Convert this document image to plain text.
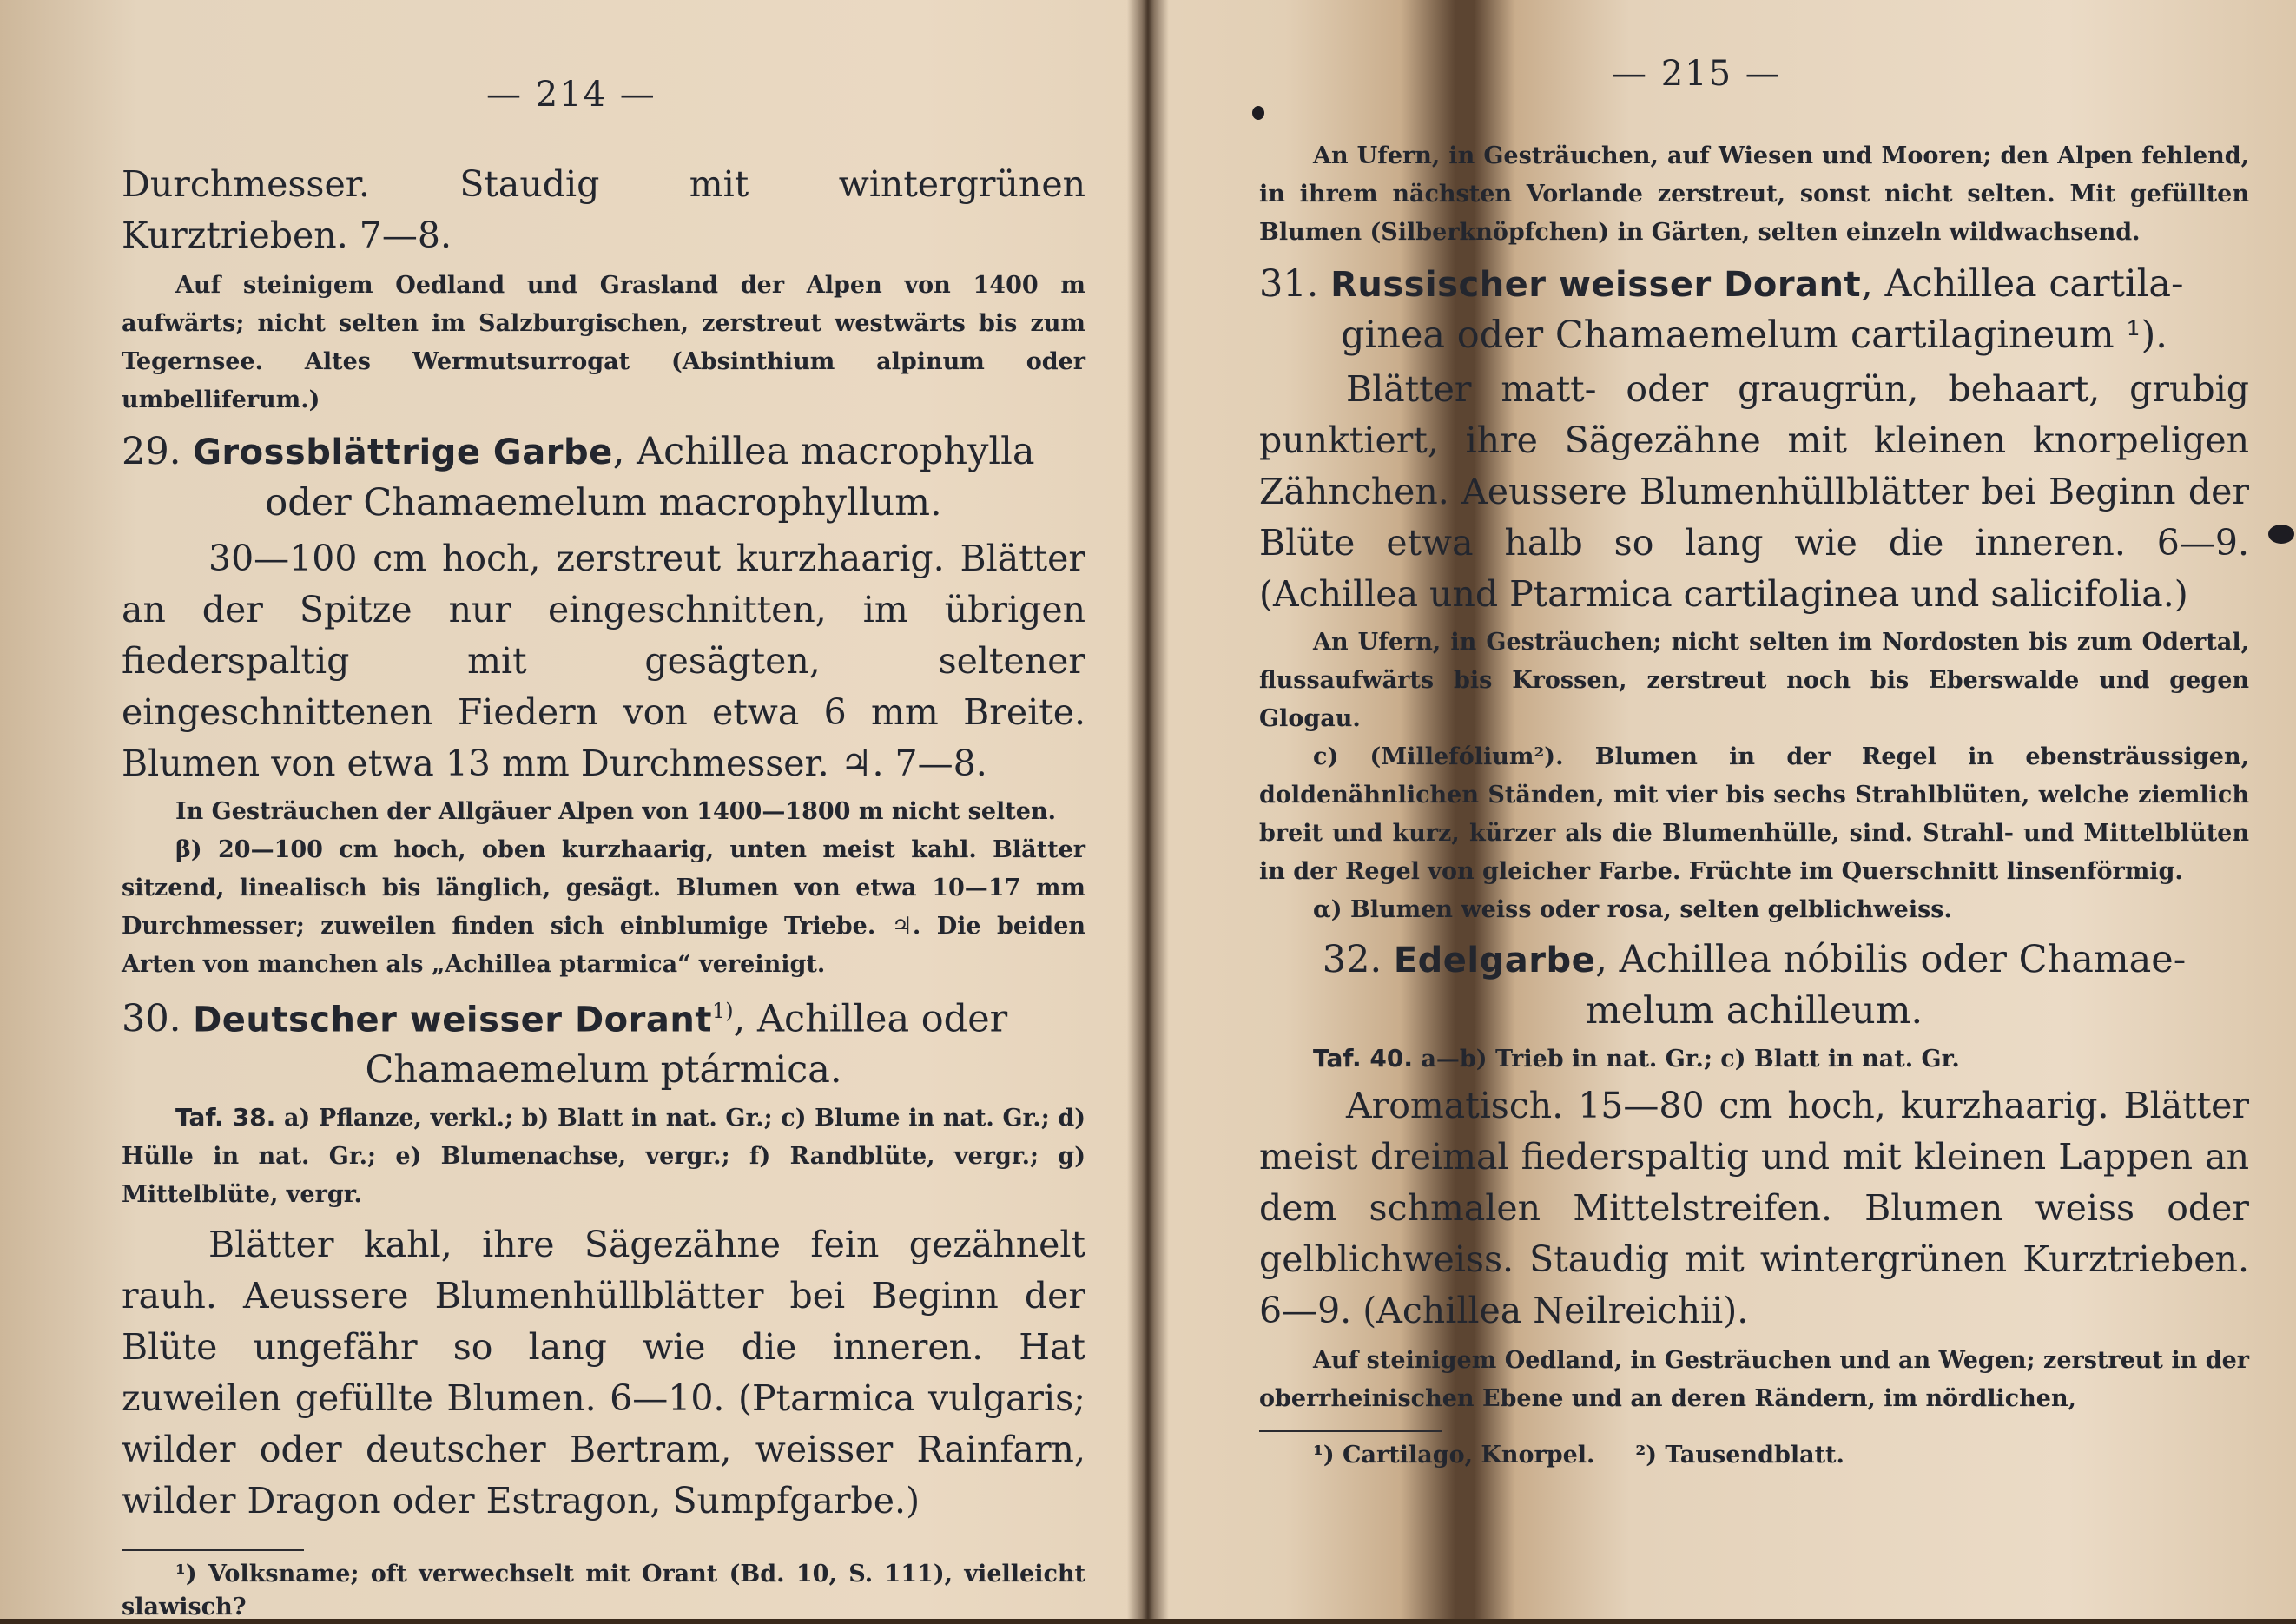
— 214 —

Durchmesser. Staudig mit wintergrünen Kurztrieben. 7—8.

Auf steinigem Oedland und Grasland der Alpen von 1400 m aufwärts; nicht selten im Salzburgischen, zerstreut westwärts bis zum Tegernsee. Altes Wermutsurrogat (Absinthium alpinum oder umbelliferum.)

29. Grossblättrige Garbe, Achillea macrophylla
oder Chamaemelum macrophyllum.

30—100 cm hoch, zerstreut kurzhaarig. Blätter an der Spitze nur eingeschnitten, im übrigen fiederspaltig mit gesägten, seltener eingeschnittenen Fiedern von etwa 6 mm Breite. Blumen von etwa 13 mm Durchmesser. ♃. 7—8.

In Gesträuchen der Allgäuer Alpen von 1400—1800 m nicht selten.

β) 20—100 cm hoch, oben kurzhaarig, unten meist kahl. Blätter sitzend, linealisch bis länglich, gesägt. Blumen von etwa 10—17 mm Durchmesser; zuweilen finden sich einblumige Triebe. ♃. Die beiden Arten von manchen als „Achillea ptarmica“ vereinigt.

30. Deutscher weisser Dorant$^{1)}$, Achillea oder
Chamaemelum ptármica.

Taf. 38. a) Pflanze, verkl.; b) Blatt in nat. Gr.; c) Blume in nat. Gr.; d) Hülle in nat. Gr.; e) Blumenachse, vergr.; f) Randblüte, vergr.; g) Mittelblüte, vergr.

Blätter kahl, ihre Sägezähne fein gezähnelt rauh. Aeussere Blumenhüllblätter bei Beginn der Blüte ungefähr so lang wie die inneren. Hat zuweilen gefüllte Blumen. 6—10. (Ptarmica vulgaris; wilder oder deutscher Bertram, weisser Rainfarn, wilder Dragon oder Estragon, Sumpfgarbe.)

¹) Volksname; oft verwechselt mit Orant (Bd. 10, S. 111), vielleicht slawisch?

— 215 —

An Ufern, in Gesträuchen, auf Wiesen und Mooren; den Alpen fehlend, in ihrem nächsten Vorlande zerstreut, sonst nicht selten. Mit gefüllten Blumen (Silberknöpfchen) in Gärten, selten einzeln wildwachsend.

31. Russischer weisser Dorant, Achillea cartila-
ginea oder Chamaemelum cartilagineum ¹).

Blätter matt- oder graugrün, behaart, grubig punktiert, ihre Sägezähne mit kleinen knorpeligen Zähnchen. Aeussere Blumenhüllblätter bei Beginn der Blüte etwa halb so lang wie die inneren. 6—9. (Achillea und Ptarmica cartilaginea und salicifolia.)

An Ufern, in Gesträuchen; nicht selten im Nordosten bis zum Odertal, flussaufwärts bis Krossen, zerstreut noch bis Eberswalde und gegen Glogau.

c) (Millefólium²). Blumen in der Regel in ebensträussigen, doldenähnlichen Ständen, mit vier bis sechs Strahlblüten, welche ziemlich breit und kurz, kürzer als die Blumenhülle, sind. Strahl- und Mittelblüten in der Regel von gleicher Farbe. Früchte im Querschnitt linsenförmig.

α) Blumen weiss oder rosa, selten gelblichweiss.

32. Edelgarbe, Achillea nóbilis oder Chamae-
melum achilleum.

Taf. 40. a—b) Trieb in nat. Gr.; c) Blatt in nat. Gr.

Aromatisch. 15—80 cm hoch, kurzhaarig. Blätter meist dreimal fiederspaltig und mit kleinen Lappen an dem schmalen Mittelstreifen. Blumen weiss oder gelblichweiss. Staudig mit wintergrünen Kurztrieben. 6—9. (Achillea Neilreichii).

Auf steinigem Oedland, in Gesträuchen und an Wegen; zerstreut in der oberrheinischen Ebene und an deren Rändern, im nördlichen,

¹) Cartilago, Knorpel.     ²) Tausendblatt.
